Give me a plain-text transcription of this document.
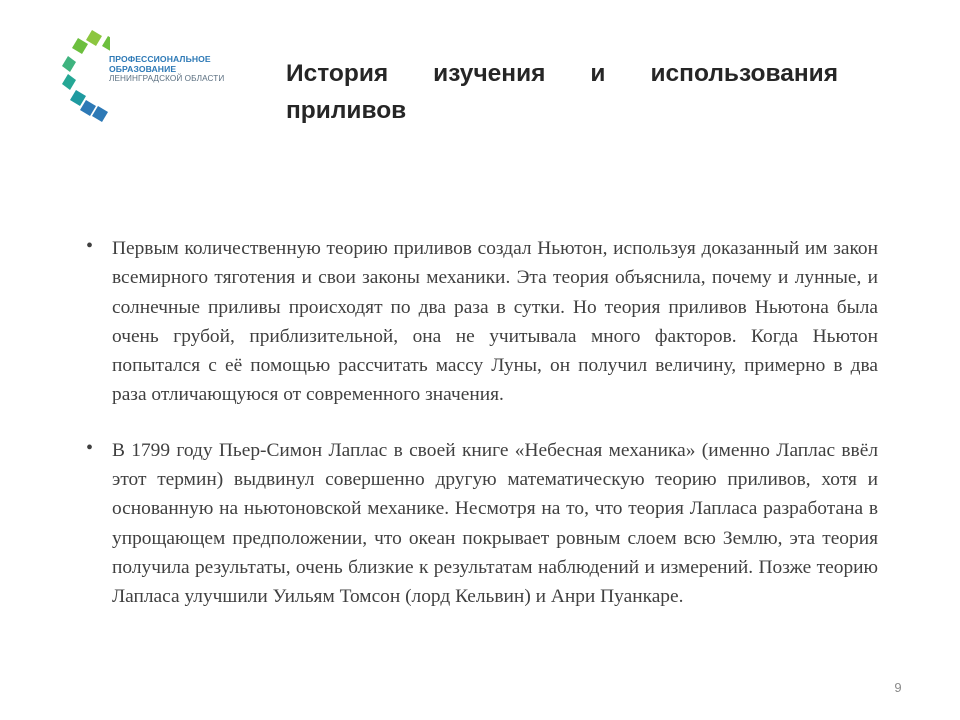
ПРОФЕССИОНАЛЬНОЕ
ОБРАЗОВАНИЕ
ЛЕНИНГРАДСКОЙ ОБЛАСТИ	История изучения и использования приливов
• Первым количественную теорию приливов создал Ньютон, используя доказанный им закон всемирного тяготения и свои законы механики. Эта теория объяснила, почему и лунные, и солнечные приливы происходят по два раза в сутки. Но теория приливов Ньютона была очень грубой, приблизительной, она не учитывала много факторов. Когда Ньютон попытался с её помощью рассчитать массу Луны, он получил величину, примерно в два раза отличающуюся от современного значения.

• В 1799 году Пьер-Симон Лаплас в своей книге «Небесная механика» (именно Лаплас ввёл этот термин) выдвинул совершенно другую математическую теорию приливов, хотя и основанную на ньютоновской механике. Несмотря на то, что теория Лапласа разработана в упрощающем предположении, что океан покрывает ровным слоем всю Землю, эта теория получила результаты, очень близкие к результатам наблюдений и измерений. Позже теорию Лапласа улучшили Уильям Томсон (лорд Кельвин) и Анри Пуанкаре.

9
